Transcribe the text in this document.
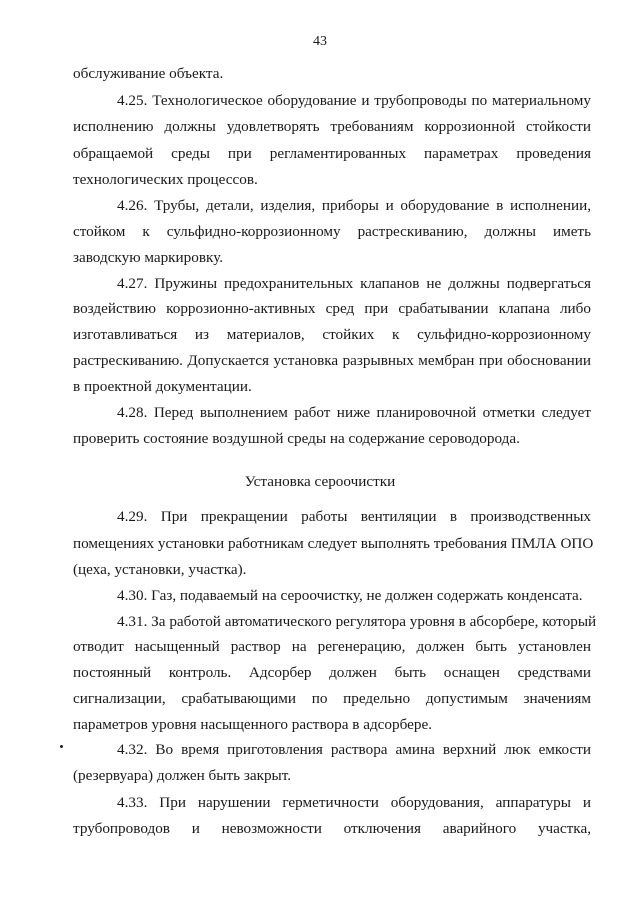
43
обслуживание объекта.
4.25. Технологическое оборудование и трубопроводы по материальному
исполнению должны удовлетворять требованиям коррозионной стойкости
обращаемой среды при регламентированных параметрах проведения
технологических процессов.
4.26. Трубы, детали, изделия, приборы и оборудование в исполнении,
стойком к сульфидно-коррозионному растрескиванию, должны иметь
заводскую маркировку.
4.27. Пружины предохранительных клапанов не должны подвергаться
воздействию коррозионно-активных сред при срабатывании клапана либо
изготавливаться из материалов, стойких к сульфидно-коррозионному
растрескиванию. Допускается установка разрывных мембран при обосновании
в проектной документации.
4.28. Перед выполнением работ ниже планировочной отметки следует
проверить состояние воздушной среды на содержание сероводорода.
Установка сероочистки
4.29. При прекращении работы вентиляции в производственных
помещениях установки работникам следует выполнять требования ПМЛА ОПО
(цеха, установки, участка).
4.30. Газ, подаваемый на сероочистку, не должен содержать конденсата.
4.31. За работой автоматического регулятора уровня в абсорбере, который
отводит насыщенный раствор на регенерацию, должен быть установлен
постоянный контроль. Адсорбер должен быть оснащен средствами
сигнализации, срабатывающими по предельно допустимым значениям
параметров уровня насыщенного раствора в адсорбере.
4.32. Во время приготовления раствора амина верхний люк емкости
(резервуара) должен быть закрыт.
4.33. При нарушении герметичности оборудования, аппаратуры и
трубопроводов и невозможности отключения аварийного участка,
